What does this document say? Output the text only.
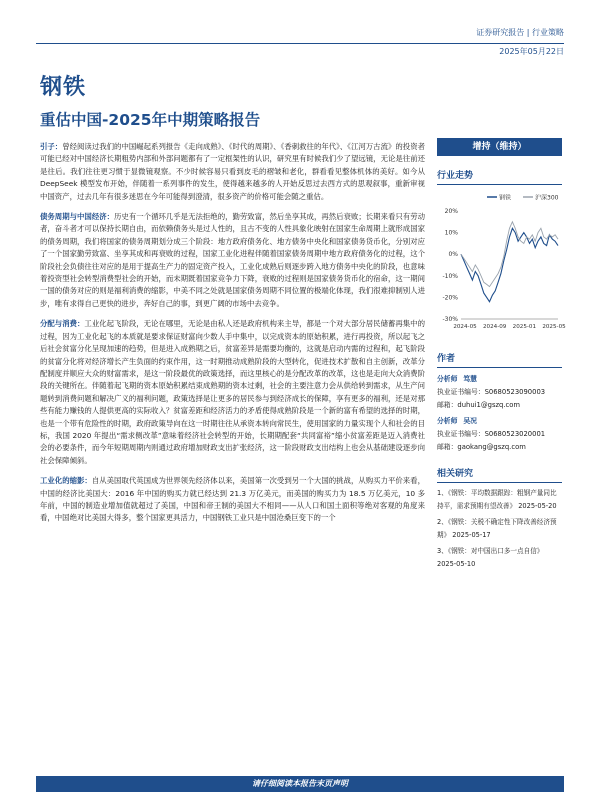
证券研究报告 | 行业策略
2025年05月22日
钢铁
重估中国-2025年中期策略报告

引子：曾经阅读过我们的中国崛起系列报告《走向成熟》、《时代的周期》、《香刺救往的年代》、《江河万古流》的投资者可能已经对中国经济长期粗势内部和外部问题都有了一定框架性的认识，研究里有时候我们少了望远镜，无论是往前还是往后。我们往往更习惯于显微镜观察。不少时候容易只看到皮毛的褶皱和老化，群看看见整体机体的美好。如今从 DeepSeek 模型发布开始，伴随着一系列事件的发生，使得越来越多的人开始反思过去西方式的思观叙事，重新审视中国资产，过去几年有很多迷思在今年可能得到澄清，很多资产的价格可能会随之重估。

债务周期与中国经济：历史有一个循环几乎是无法拒绝的，勤劳致富，然后坐享其成，再然后衰败；长期来看只有劳动者，奋斗者才可以保持长期自由，而依赖债务头是过人性的，且古不变的人性具象化映射在国家生命周期上就形成国家的债务周期，我们将国家的债务周期划分成三个阶段：地方政府债务化、地方债务中央化和国家债务货币化，分别对应了一个国家勤劳致富、坐享其成和再衰败的过程，国家工业化进程伴随着国家债务周期中地方政府债务化的过程，这个阶段社会负债往往对应的是用于提高生产力的固定资产投入，工业化成熟后则逐步跨入地方债务中央化的阶段，也意味着投资型社会转型消费型社会的开始，而未期既着国家竞争力下降，衰败的过程则是国家债务货币化的宿命，这一期间一国的债务对应的则是福利消费的缩影，中美不同之处就是国家债务周期不同位置的极端化体现，我们很难抑制别人进步，唯有求得自己更快的进步，奔好自己的事，到更广阔的市场中去竞争。

分配与消费：工业化起飞阶段，无论在哪里，无论是由私人还是政府机构来主导，都是一个对大部分居民储蓄再集中的过程，因为工业化起飞的本质就是要求保证财富向少数人手中集中，以完成资本的原始积累，进行再投资，所以起飞之后社会贫富分化呈现加速的趋势，但是进入成熟期之后，贫富差异是需要均衡的，这就是启动内需的过程和，起飞阶段的贫富分化将对经济增长产生负面的约束作用，这一时期推动成熟阶段的大型转化，促进技术扩散和自主创新，改革分配制度并顺应大众的财富需求，是这一阶段最优的政策选择，而这里核心的是分配改革的改革，这也是走向大众消费阶段的关键所在。伴随着起飞期的资本原始积累结束成熟期的资本过剩，社会的主要注意力会从供给转到需求，从生产问题转到消费问题和解决广义的福利问题，政策选择是让更多的居民参与到经济成长的保障，享有更多的福利，还是对那些有能力赚钱的人提供更高的实际收入？贫富差距和经济活力的矛盾使得成熟阶段是一个新的富有希望的选择的时期，也是一个带有危险性的时期，政府政策导向在这一时期往往从承资本转向常民生，使用国家的力量实现个人和社会的目标，我国 2020 年提出“需求侧改革”意味着经济社会转型的开始，长期期配套“共同富裕”缩小贫富差距是迈入消费社会的必要条件，而今年短期周期内则通过政府增加财政支出扩张经济，这一阶段财政支出结构上也会从基础建设逐步向社会保障倾斜。

工业化的缩影：自从美国取代英国成为世界领先经济体以来，美国第一次受到另一个大国的挑战，从购买力平价来看，中国的经济比美国大：2016 年中国的购买力就已经达到 21.3 万亿美元，而美国的购买力为 18.5 万亿美元，10 多年前，中国的制造业增加值就超过了美国，中国和帝王制的美国大不相同——从人口和国土面积等绝对客观的角度来看，中国绝对比美国大得多，整个国家更具活力，中国钢铁工业只是中国沧桑巨变下的一个

增持（维持）
行业走势
20%
10%
0%
-10%
-20%
-30%
2024-05 2024-09 2025-01 2025-05
钢铁	沪深300
作者
分析师 笃慧
执业证书编号：S0680523090003
邮箱：duhui1@gszq.com
分析师 吴况
执业证书编号：S0680523020001
邮箱：gaokang@gszq.com
相关研究
1、《钢铁：平均数据跟踪：粗钢产量同比持平，需求预期有望改善》 2025-05-20
2、《钢铁：关税不确定性下降改善经济预期》 2025-05-17
3、《钢铁：对中国出口多一点自信》 2025-05-10
请仔细阅读本报告末页声明
